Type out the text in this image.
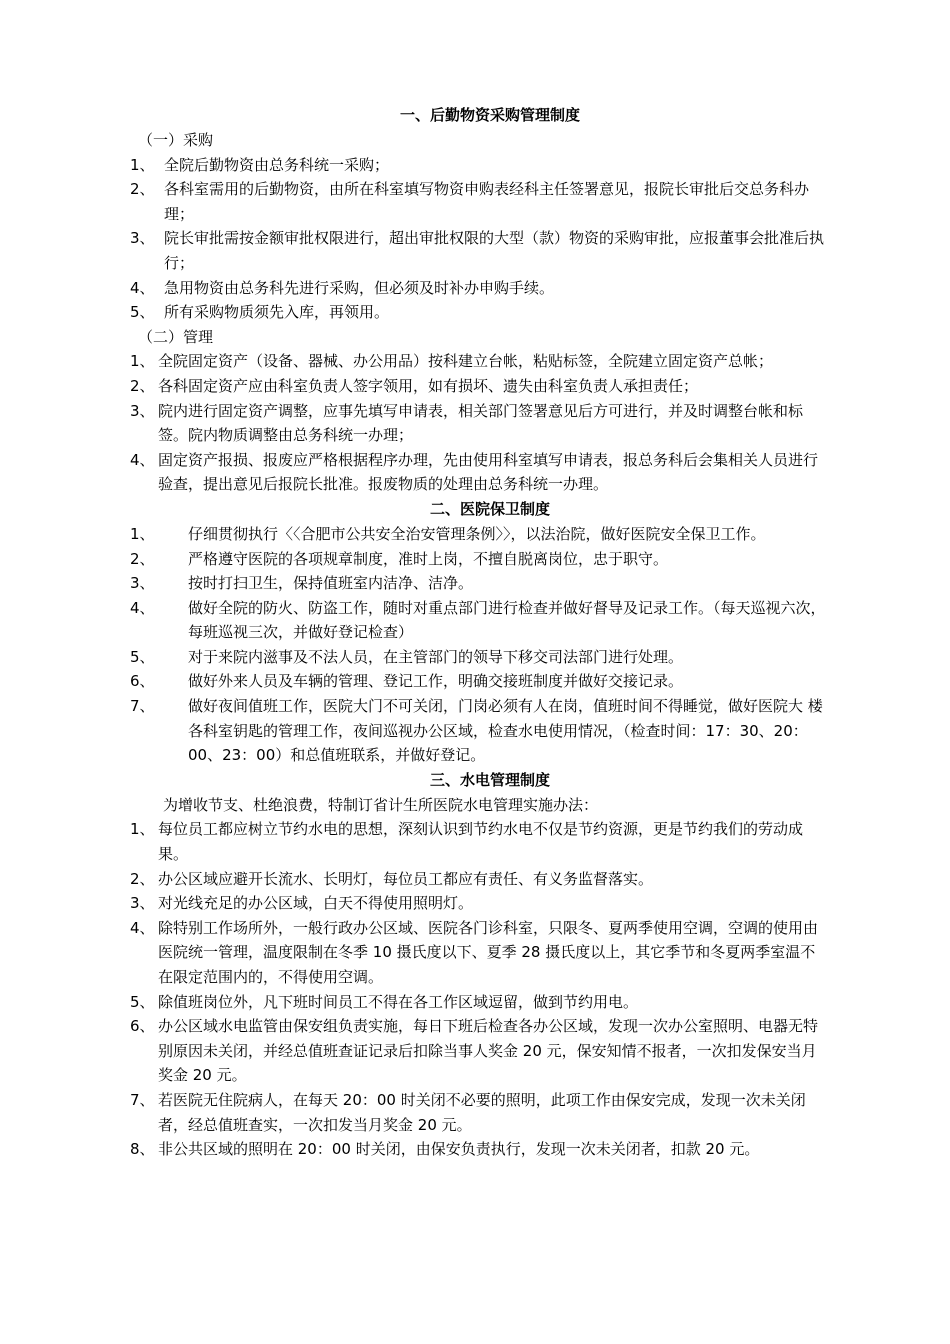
一、后勤物资采购管理制度
（一）采购
1、 全院后勤物资由总务科统一采购；
2、 各科室需用的后勤物资，由所在科室填写物资申购表经科主任签署意见，报院长审批后交总务科办理；
3、 院长审批需按金额审批权限进行，超出审批权限的大型（款）物资的采购审批，应报董事会批准后执行；
4、 急用物资由总务科先进行采购，但必须及时补办申购手续。
5、 所有采购物质须先入库，再领用。
（二）管理
1、 全院固定资产（设备、器械、办公用品）按科建立台帐，粘贴标签，全院建立固定资产总帐；
2、 各科固定资产应由科室负责人签字领用，如有损坏、遗失由科室负责人承担责任；
3、 院内进行固定资产调整，应事先填写申请表，相关部门签署意见后方可进行，并及时调整台帐和标签。院内物质调整由总务科统一办理；
4、 固定资产报损、报废应严格根据程序办理，先由使用科室填写申请表，报总务科后会集相关人员进行验查，提出意见后报院长批准。报废物质的处理由总务科统一办理。
二、医院保卫制度
1、	仔细贯彻执行〈〈合肥市公共安全治安管理条例〉〉，以法治院，做好医院安全保卫工作。
2、	严格遵守医院的各项规章制度，准时上岗，不擅自脱离岗位，忠于职守。
3、	按时打扫卫生，保持值班室内洁净、洁净。
4、	做好全院的防火、防盗工作，随时对重点部门进行检查并做好督导及记录工作。（每天巡视六次，每班巡视三次，并做好登记检查）
5、	对于来院内滋事及不法人员，在主管部门的领导下移交司法部门进行处理。
6、	做好外来人员及车辆的管理、登记工作，明确交接班制度并做好交接记录。
7、	做好夜间值班工作，医院大门不可关闭，门岗必须有人在岗，值班时间不得睡觉，做好医院大 楼各科室钥匙的管理工作，夜间巡视办公区域，检查水电使用情况，（检查时间：17：30、20：00、23：00）和总值班联系，并做好登记。
三、水电管理制度
为增收节支、杜绝浪费，特制订省计生所医院水电管理实施办法：
1、 每位员工都应树立节约水电的思想，深刻认识到节约水电不仅是节约资源，更是节约我们的劳动成果。
2、 办公区域应避开长流水、长明灯，每位员工都应有责任、有义务监督落实。
3、 对光线充足的办公区域，白天不得使用照明灯。
4、 除特别工作场所外，一般行政办公区域、医院各门诊科室，只限冬、夏两季使用空调，空调的使用由医院统一管理，温度限制在冬季 10 摄氏度以下、夏季 28 摄氏度以上，其它季节和冬夏两季室温不在限定范围内的，不得使用空调。
5、 除值班岗位外，凡下班时间员工不得在各工作区域逗留，做到节约用电。
6、 办公区域水电监管由保安组负责实施，每日下班后检查各办公区域，发现一次办公室照明、电器无特别原因未关闭，并经总值班查证记录后扣除当事人奖金 20 元，保安知情不报者，一次扣发保安当月奖金 20 元。
7、 若医院无住院病人，在每天 20：00 时关闭不必要的照明，此项工作由保安完成，发现一次未关闭者，经总值班查实，一次扣发当月奖金 20 元。
8、 非公共区域的照明在 20：00 时关闭，由保安负责执行，发现一次未关闭者，扣款 20 元。
